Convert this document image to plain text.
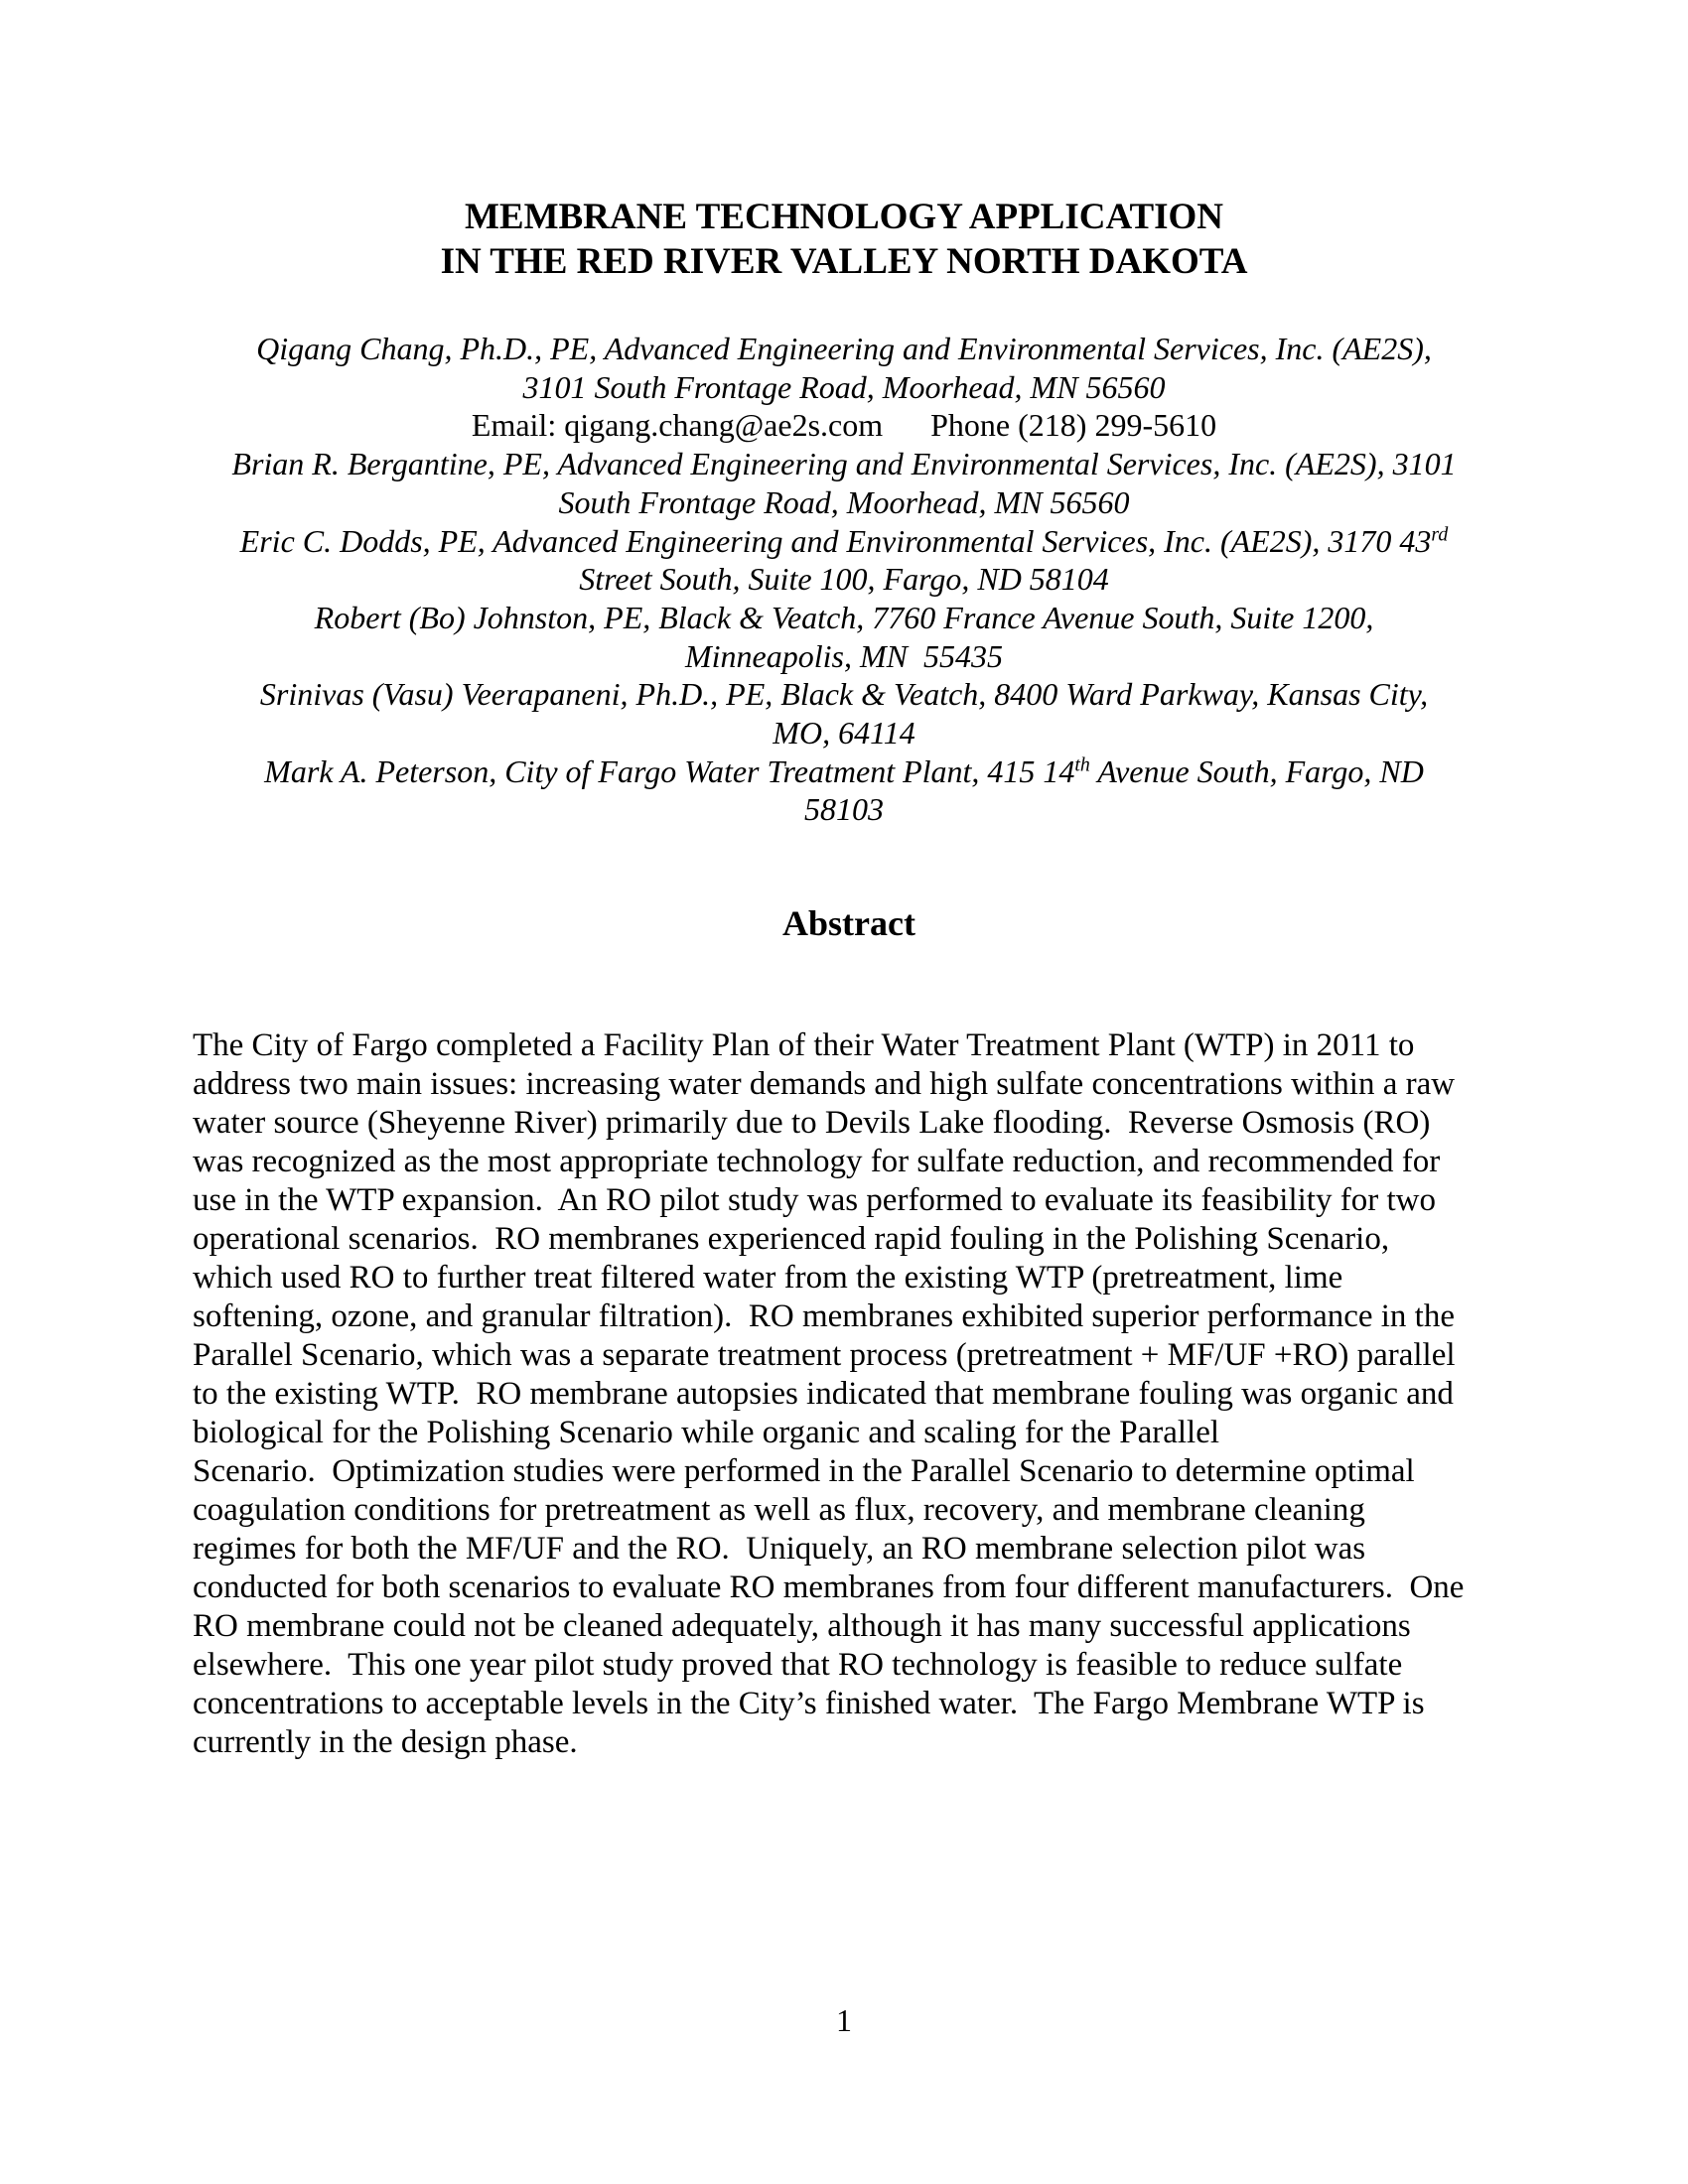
MEMBRANE TECHNOLOGY APPLICATION
IN THE RED RIVER VALLEY NORTH DAKOTA
Qigang Chang, Ph.D., PE, Advanced Engineering and Environmental Services, Inc. (AE2S),
3101 South Frontage Road, Moorhead, MN 56560
Email: qigang.chang@ae2s.com Phone (218) 299-5610
Brian R. Bergantine, PE, Advanced Engineering and Environmental Services, Inc. (AE2S), 3101
South Frontage Road, Moorhead, MN 56560
Eric C. Dodds, PE, Advanced Engineering and Environmental Services, Inc. (AE2S), 3170 43rd
Street South, Suite 100, Fargo, ND 58104
Robert (Bo) Johnston, PE, Black & Veatch, 7760 France Avenue South, Suite 1200,
Minneapolis, MN  55435
Srinivas (Vasu) Veerapaneni, Ph.D., PE, Black & Veatch, 8400 Ward Parkway, Kansas City,
MO, 64114
Mark A. Peterson, City of Fargo Water Treatment Plant, 415 14th Avenue South, Fargo, ND
58103
Abstract
The City of Fargo completed a Facility Plan of their Water Treatment Plant (WTP) in 2011 to
address two main issues: increasing water demands and high sulfate concentrations within a raw
water source (Sheyenne River) primarily due to Devils Lake flooding.  Reverse Osmosis (RO)
was recognized as the most appropriate technology for sulfate reduction, and recommended for
use in the WTP expansion.  An RO pilot study was performed to evaluate its feasibility for two
operational scenarios.  RO membranes experienced rapid fouling in the Polishing Scenario,
which used RO to further treat filtered water from the existing WTP (pretreatment, lime
softening, ozone, and granular filtration).  RO membranes exhibited superior performance in the
Parallel Scenario, which was a separate treatment process (pretreatment + MF/UF +RO) parallel
to the existing WTP.  RO membrane autopsies indicated that membrane fouling was organic and
biological for the Polishing Scenario while organic and scaling for the Parallel
Scenario.  Optimization studies were performed in the Parallel Scenario to determine optimal
coagulation conditions for pretreatment as well as flux, recovery, and membrane cleaning
regimes for both the MF/UF and the RO.  Uniquely, an RO membrane selection pilot was
conducted for both scenarios to evaluate RO membranes from four different manufacturers.  One
RO membrane could not be cleaned adequately, although it has many successful applications
elsewhere.  This one year pilot study proved that RO technology is feasible to reduce sulfate
concentrations to acceptable levels in the City’s finished water.  The Fargo Membrane WTP is
currently in the design phase.
1
